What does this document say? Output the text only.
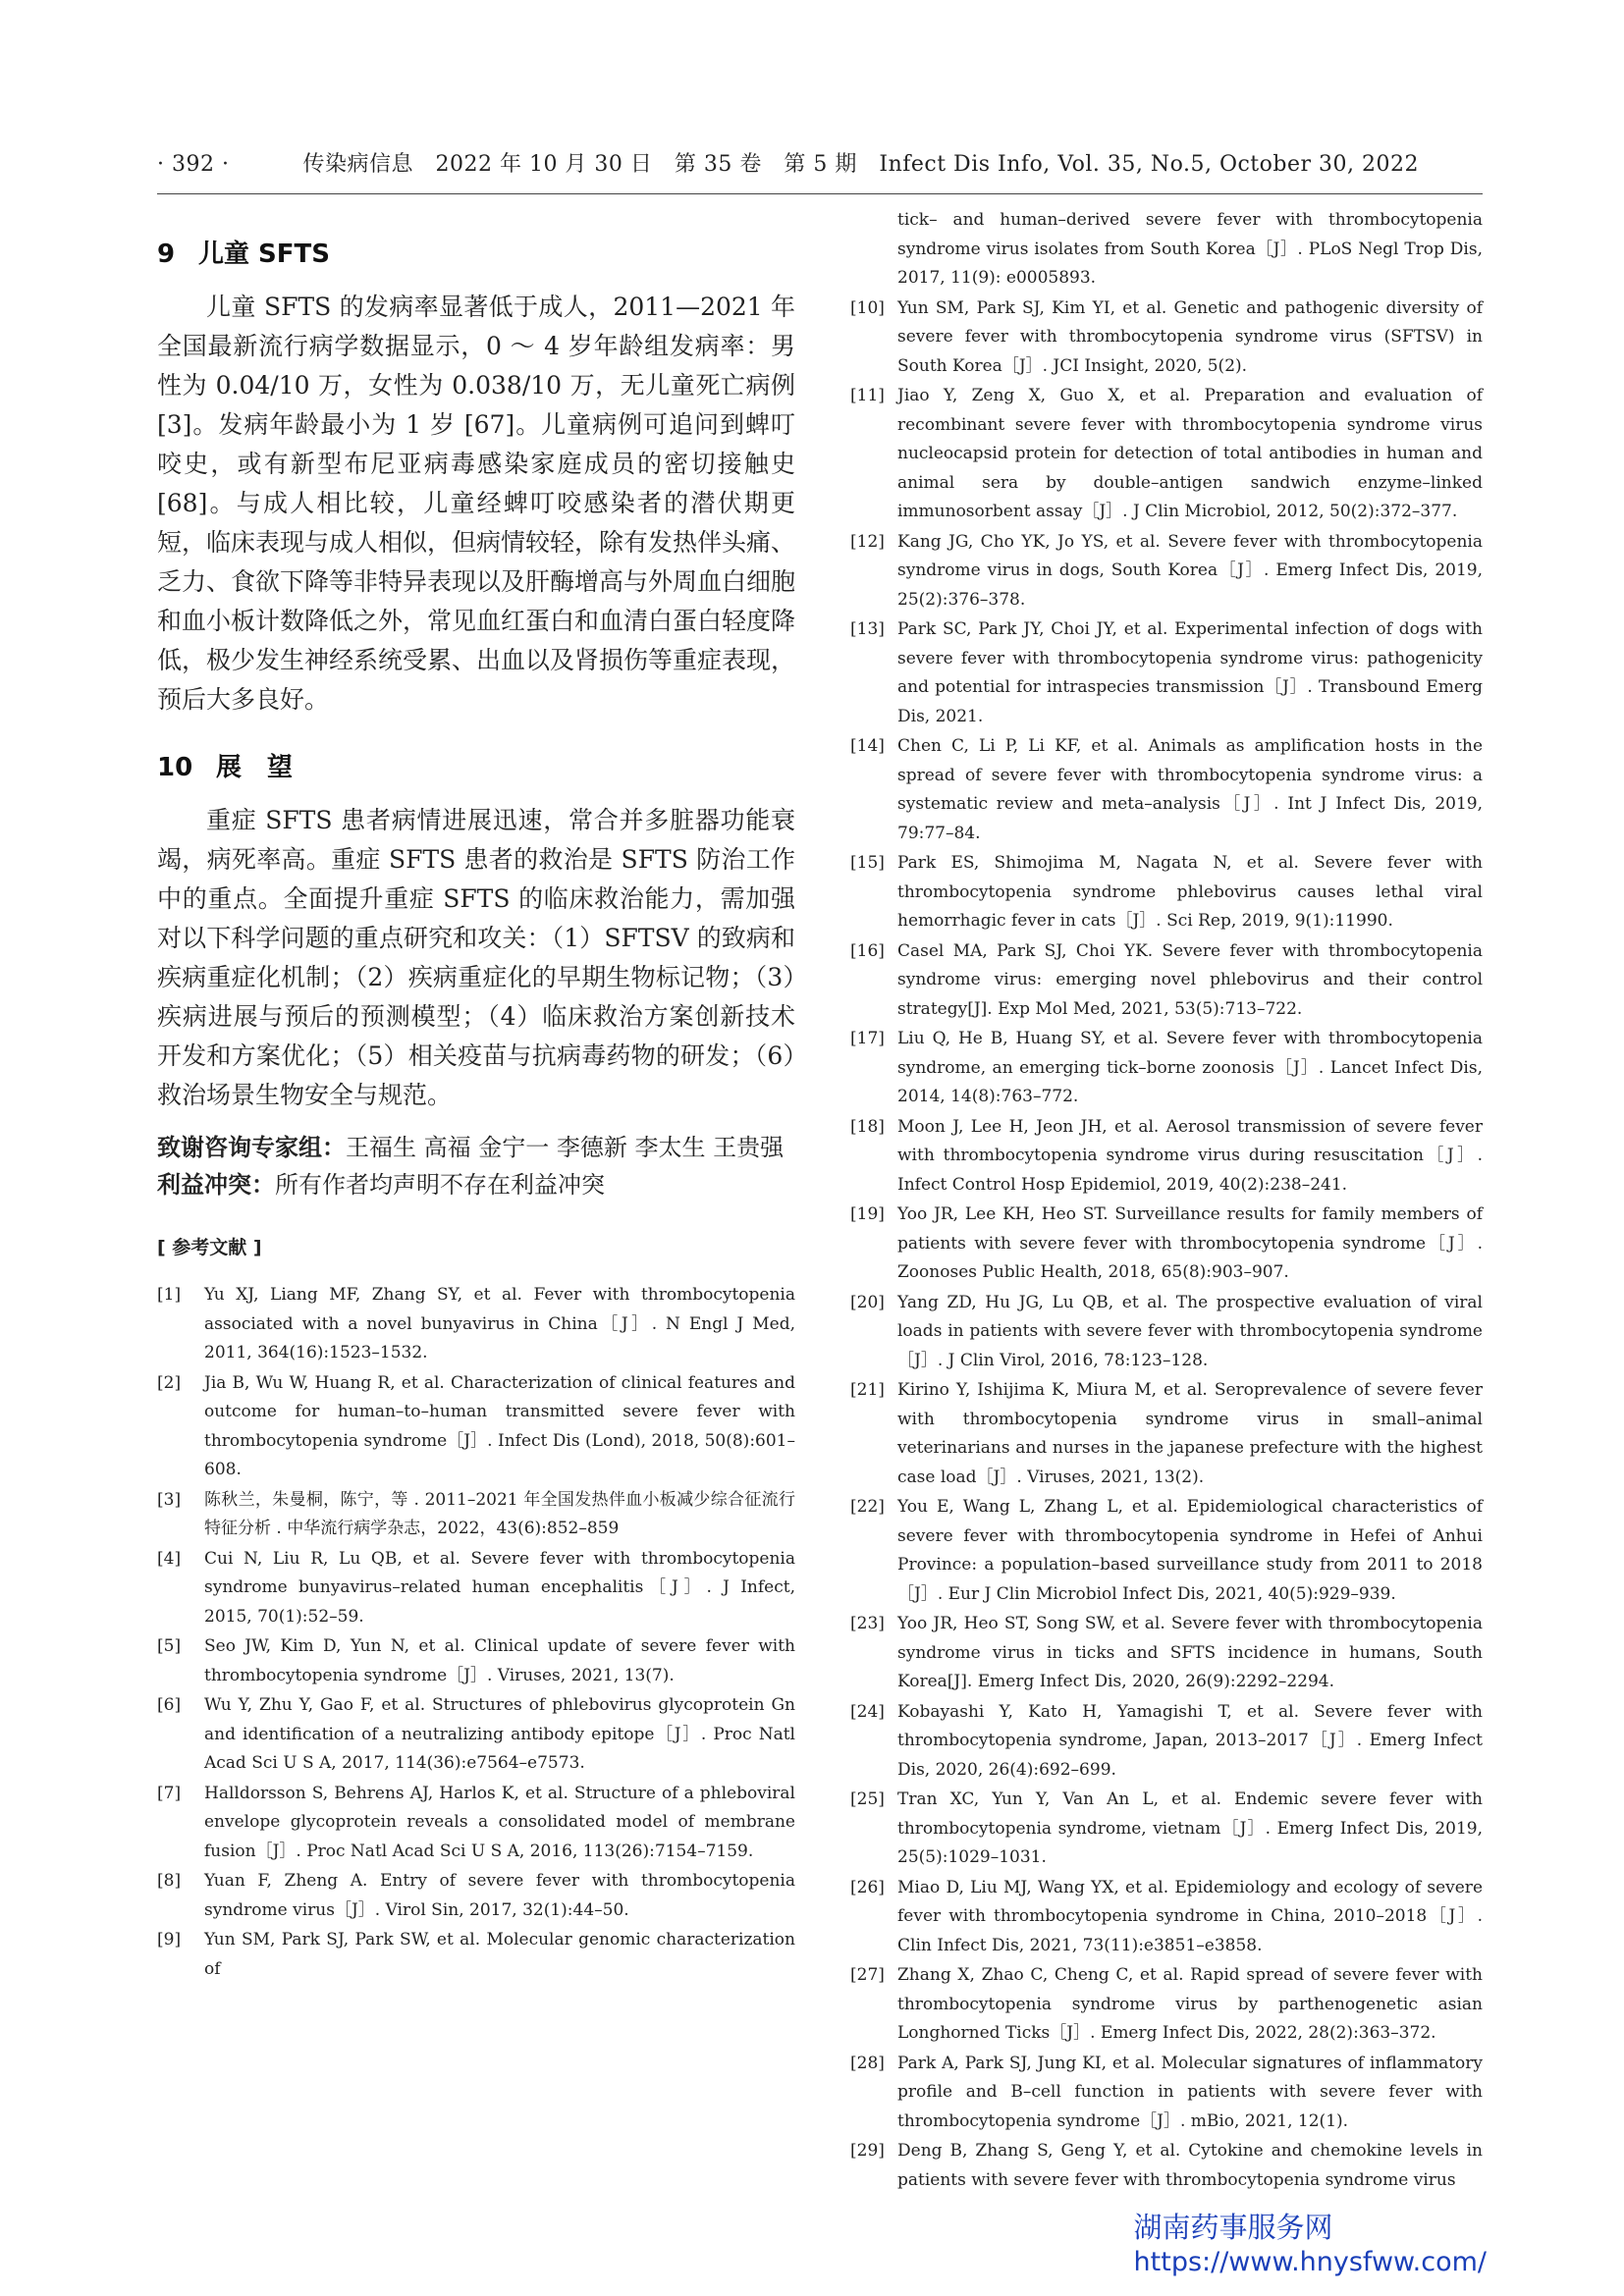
· 392 ·	传染病信息　2022 年 10 月 30 日　第 35 卷　第 5 期　Infect Dis Info, Vol. 35, No.5, October 30, 2022
9 儿童 SFTS

儿童 SFTS 的发病率显著低于成人，2011—2021 年全国最新流行病学数据显示，0 ～ 4 岁年龄组发病率：男性为 0.04/10 万，女性为 0.038/10 万，无儿童死亡病例 [3]。发病年龄最小为 1 岁 [67]。儿童病例可追问到蜱叮咬史，或有新型布尼亚病毒感染家庭成员的密切接触史 [68]。与成人相比较，儿童经蜱叮咬感染者的潜伏期更短，临床表现与成人相似，但病情较轻，除有发热伴头痛、乏力、食欲下降等非特异表现以及肝酶增高与外周血白细胞和血小板计数降低之外，常见血红蛋白和血清白蛋白轻度降低，极少发生神经系统受累、出血以及肾损伤等重症表现，预后大多良好。

10 展望

重症 SFTS 患者病情进展迅速，常合并多脏器功能衰竭，病死率高。重症 SFTS 患者的救治是 SFTS 防治工作中的重点。全面提升重症 SFTS 的临床救治能力，需加强对以下科学问题的重点研究和攻关：（1）SFTSV 的致病和疾病重症化机制；（2）疾病重症化的早期生物标记物；（3）疾病进展与预后的预测模型；（4）临床救治方案创新技术开发和方案优化；（5）相关疫苗与抗病毒药物的研发；（6）救治场景生物安全与规范。

致谢咨询专家组：王福生 高福 金宁一 李德新 李太生 王贵强
利益冲突：所有作者均声明不存在利益冲突
[ 参考文献 ]
[1]	Yu XJ, Liang MF, Zhang SY, et al. Fever with thrombocytopenia associated with a novel bunyavirus in China［J］. N Engl J Med, 2011, 364(16):1523–1532.
[2]	Jia B, Wu W, Huang R, et al. Characterization of clinical features and outcome for human–to–human transmitted severe fever with thrombocytopenia syndrome［J］. Infect Dis (Lond), 2018, 50(8):601–608.
[3]	陈秋兰，朱曼桐，陈宁，等 . 2011–2021 年全国发热伴血小板减少综合征流行特征分析 . 中华流行病学杂志，2022，43(6):852–859
[4]	Cui N, Liu R, Lu QB, et al. Severe fever with thrombocytopenia syndrome bunyavirus–related human encephalitis［J］. J Infect, 2015, 70(1):52–59.
[5]	Seo JW, Kim D, Yun N, et al. Clinical update of severe fever with thrombocytopenia syndrome［J］. Viruses, 2021, 13(7).
[6]	Wu Y, Zhu Y, Gao F, et al. Structures of phlebovirus glycoprotein Gn and identification of a neutralizing antibody epitope［J］. Proc Natl Acad Sci U S A, 2017, 114(36):e7564–e7573.
[7]	Halldorsson S, Behrens AJ, Harlos K, et al. Structure of a phleboviral envelope glycoprotein reveals a consolidated model of membrane fusion［J］. Proc Natl Acad Sci U S A, 2016, 113(26):7154–7159.
[8]	Yuan F, Zheng A. Entry of severe fever with thrombocytopenia syndrome virus［J］. Virol Sin, 2017, 32(1):44–50.
[9]	Yun SM, Park SJ, Park SW, et al. Molecular genomic characterization of
tick– and human–derived severe fever with thrombocytopenia syndrome virus isolates from South Korea［J］. PLoS Negl Trop Dis, 2017, 11(9): e0005893.
[10] Yun SM, Park SJ, Kim YI, et al. Genetic and pathogenic diversity of severe fever with thrombocytopenia syndrome virus (SFTSV) in South Korea［J］. JCI Insight, 2020, 5(2).
[11] Jiao Y, Zeng X, Guo X, et al. Preparation and evaluation of recombinant severe fever with thrombocytopenia syndrome virus nucleocapsid protein for detection of total antibodies in human and animal sera by double–antigen sandwich enzyme–linked immunosorbent assay［J］. J Clin Microbiol, 2012, 50(2):372–377.
[12] Kang JG, Cho YK, Jo YS, et al. Severe fever with thrombocytopenia syndrome virus in dogs, South Korea［J］. Emerg Infect Dis, 2019, 25(2):376–378.
[13] Park SC, Park JY, Choi JY, et al. Experimental infection of dogs with severe fever with thrombocytopenia syndrome virus: pathogenicity and potential for intraspecies transmission［J］. Transbound Emerg Dis, 2021.
[14] Chen C, Li P, Li KF, et al. Animals as amplification hosts in the spread of severe fever with thrombocytopenia syndrome virus: a systematic review and meta–analysis［J］. Int J Infect Dis, 2019, 79:77–84.
[15] Park ES, Shimojima M, Nagata N, et al. Severe fever with thrombocytopenia syndrome phlebovirus causes lethal viral hemorrhagic fever in cats［J］. Sci Rep, 2019, 9(1):11990.
[16] Casel MA, Park SJ, Choi YK. Severe fever with thrombocytopenia syndrome virus: emerging novel phlebovirus and their control strategy[J]. Exp Mol Med, 2021, 53(5):713–722.
[17] Liu Q, He B, Huang SY, et al. Severe fever with thrombocytopenia syndrome, an emerging tick–borne zoonosis［J］. Lancet Infect Dis, 2014, 14(8):763–772.
[18] Moon J, Lee H, Jeon JH, et al. Aerosol transmission of severe fever with thrombocytopenia syndrome virus during resuscitation［J］. Infect Control Hosp Epidemiol, 2019, 40(2):238–241.
[19] Yoo JR, Lee KH, Heo ST. Surveillance results for family members of patients with severe fever with thrombocytopenia syndrome［J］. Zoonoses Public Health, 2018, 65(8):903–907.
[20] Yang ZD, Hu JG, Lu QB, et al. The prospective evaluation of viral loads in patients with severe fever with thrombocytopenia syndrome［J］. J Clin Virol, 2016, 78:123–128.
[21] Kirino Y, Ishijima K, Miura M, et al. Seroprevalence of severe fever with thrombocytopenia syndrome virus in small–animal veterinarians and nurses in the japanese prefecture with the highest case load［J］. Viruses, 2021, 13(2).
[22] You E, Wang L, Zhang L, et al. Epidemiological characteristics of severe fever with thrombocytopenia syndrome in Hefei of Anhui Province: a population–based surveillance study from 2011 to 2018［J］. Eur J Clin Microbiol Infect Dis, 2021, 40(5):929–939.
[23] Yoo JR, Heo ST, Song SW, et al. Severe fever with thrombocytopenia syndrome virus in ticks and SFTS incidence in humans, South Korea[J]. Emerg Infect Dis, 2020, 26(9):2292–2294.
[24] Kobayashi Y, Kato H, Yamagishi T, et al. Severe fever with thrombocytopenia syndrome, Japan, 2013–2017［J］. Emerg Infect Dis, 2020, 26(4):692–699.
[25] Tran XC, Yun Y, Van An L, et al. Endemic severe fever with thrombocytopenia syndrome, vietnam［J］. Emerg Infect Dis, 2019, 25(5):1029–1031.
[26] Miao D, Liu MJ, Wang YX, et al. Epidemiology and ecology of severe fever with thrombocytopenia syndrome in China, 2010–2018［J］. Clin Infect Dis, 2021, 73(11):e3851–e3858.
[27] Zhang X, Zhao C, Cheng C, et al. Rapid spread of severe fever with thrombocytopenia syndrome virus by parthenogenetic asian Longhorned Ticks［J］. Emerg Infect Dis, 2022, 28(2):363–372.
[28] Park A, Park SJ, Jung KI, et al. Molecular signatures of inflammatory profile and B–cell function in patients with severe fever with thrombocytopenia syndrome［J］. mBio, 2021, 12(1).
[29] Deng B, Zhang S, Geng Y, et al. Cytokine and chemokine levels in patients with severe fever with thrombocytopenia syndrome virus
湖南药事服务网
https://www.hnysfww.com/
